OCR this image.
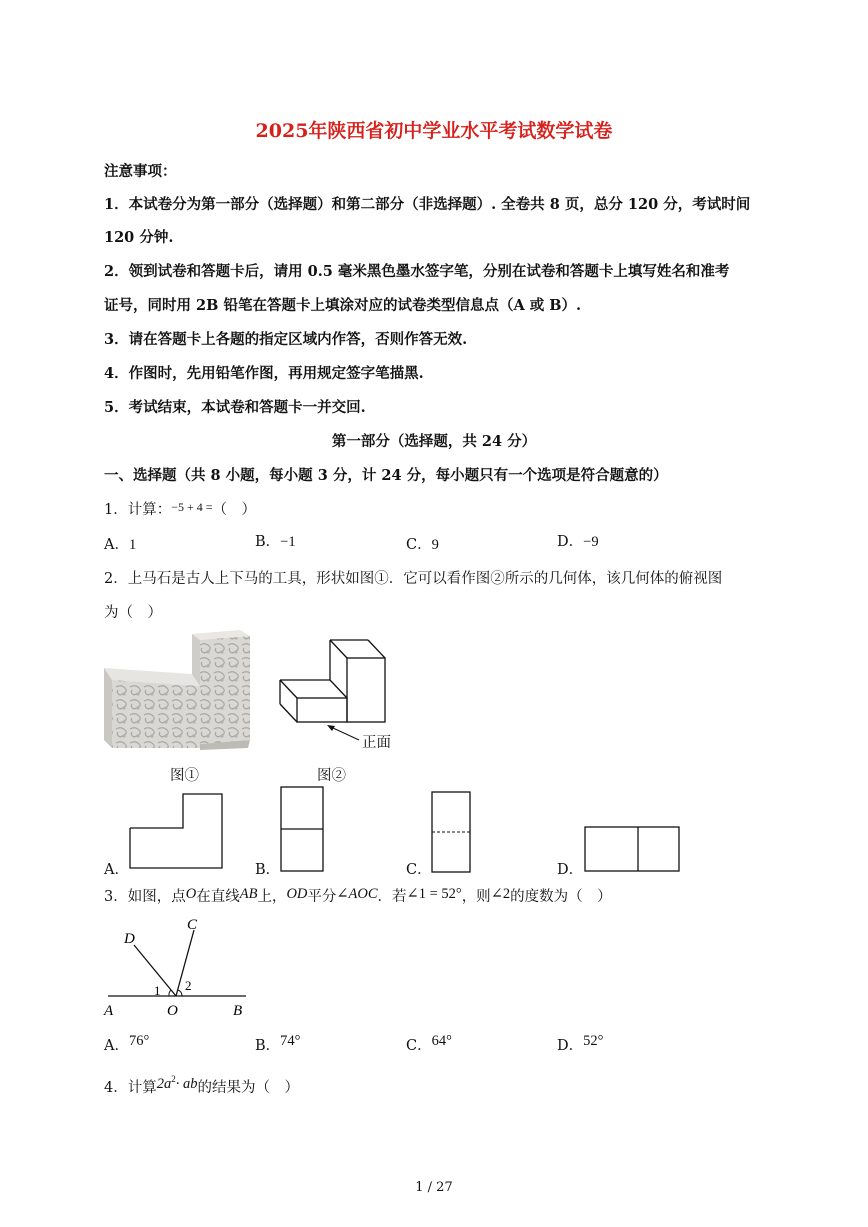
2025年陕西省初中学业水平考试数学试卷
注意事项：
1．本试卷分为第一部分（选择题）和第二部分（非选择题）. 全卷共 8 页，总分 120 分，考试时间
120 分钟.
2．领到试卷和答题卡后，请用 0.5 毫米黑色墨水签字笔，分别在试卷和答题卡上填写姓名和准考
证号，同时用 2B 铅笔在答题卡上填涂对应的试卷类型信息点（A 或 B）.
3．请在答题卡上各题的指定区域内作答，否则作答无效.
4．作图时，先用铅笔作图，再用规定签字笔描黑.
5．考试结束，本试卷和答题卡一并交回.
第一部分（选择题，共 24 分）
一、选择题（共 8 小题，每小题 3 分，计 24 分，每小题只有一个选项是符合题意的）
1．计算：$^{-5 + 4 =}$（　）
A．1	B．−1	C．9	D．−9
2．上马石是古人上下马的工具，形状如图①．它可以看作图②所示的几何体，该几何体的俯视图
为（　）
图①
正面
图②
A．	B．	C．	D．
3．如图，点O在直线AB上，OD平分∠AOC．若∠1 = 52°，则∠2的度数为（　）
D
C
A	O	B
1 2
A．76°	B．74°	C．64°	D．52°
4．计算$2a^2\cdot$ ab的结果为（　）
1 / 27
